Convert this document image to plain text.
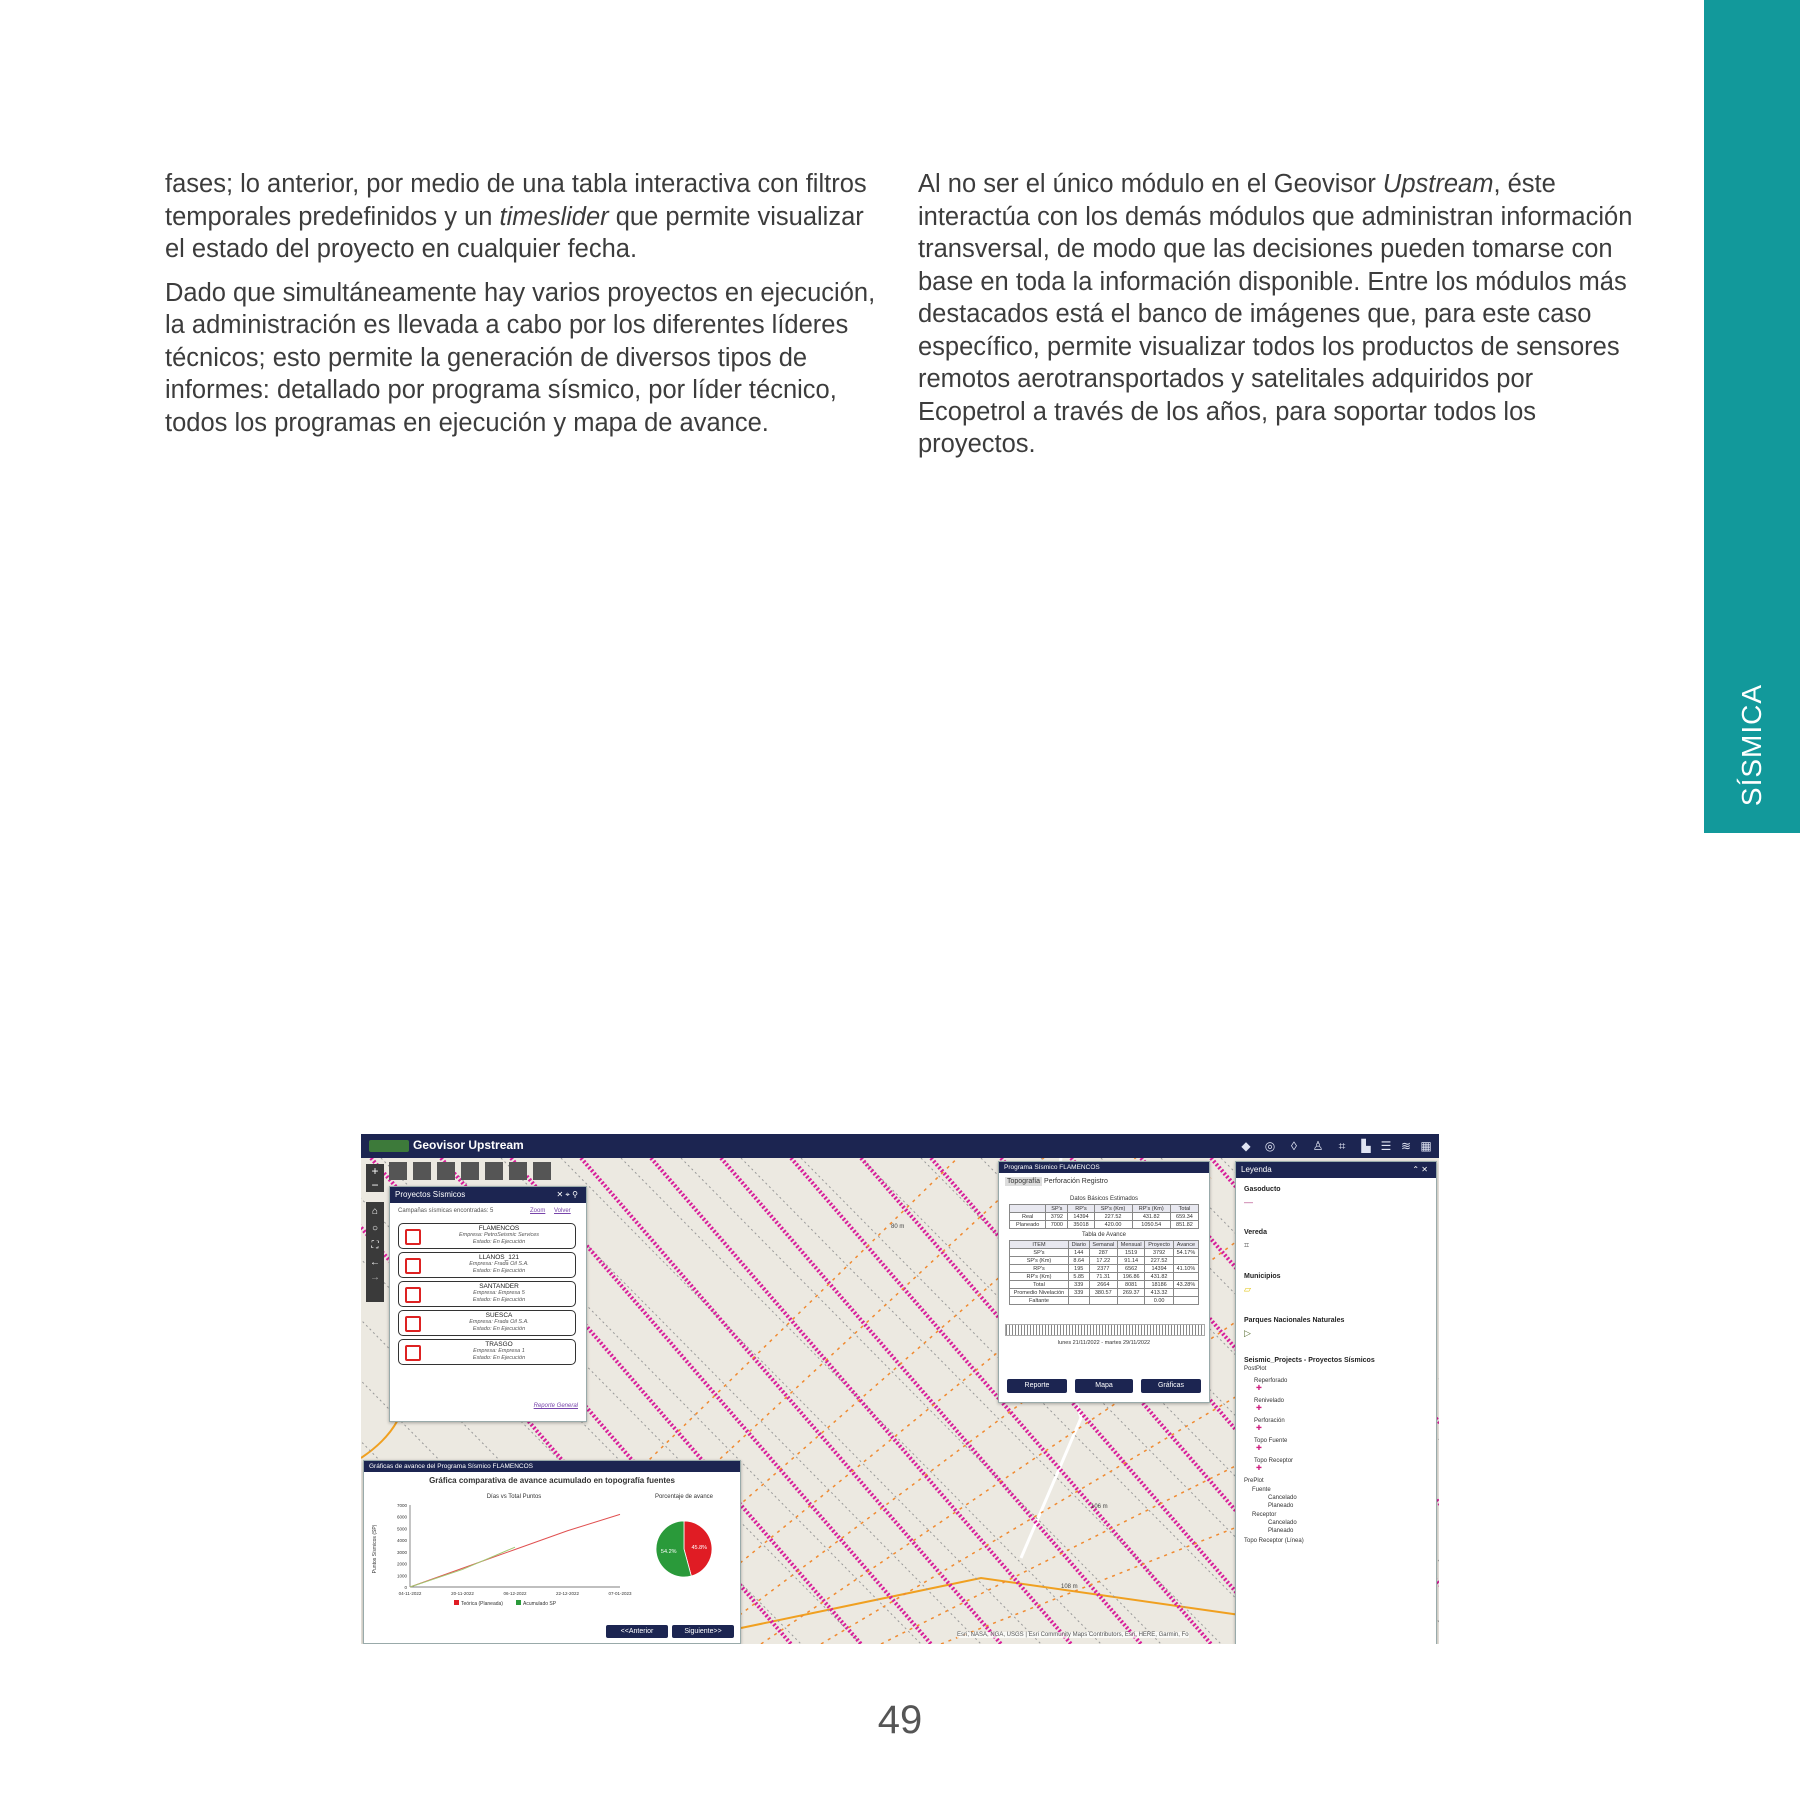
fases; lo anterior, por medio de una tabla interactiva con filtros temporales predefinidos y un timeslider que permite visualizar el estado del proyecto en cualquier fecha.

Dado que simultáneamente hay varios proyectos en ejecución, la administración es llevada a cabo por los diferentes líderes técnicos; esto permite la generación de diversos tipos de informes: detallado por programa sísmico, por líder técnico, todos los programas en ejecución y mapa de avance.

Al no ser el único módulo en el Geovisor Upstream, éste interactúa con los demás módulos que administran información transversal, de modo que las decisiones pueden tomarse con base en toda la información disponible. Entre los módulos más destacados está el banco de imágenes que, para este caso específico, permite visualizar todos los productos de sensores remotos aerotransportados y satelitales adquiridos por Ecopetrol a través de los años, para soportar todos los proyectos.

SÍSMICA
80 m
106 m
108 m
Geovisor Upstream	◆ ◎	◊	♙	⌗	▙ ☰ ≋ ▦
+
−
⌂
○
⛶
←
→
Proyectos Sísmicos	✕ ⌖ ⚲
Campañas sísmicas encontradas: 5	Zoom Volver
FLAMENCOS
Empresa: PetroSeismic Services
Estado: En Ejecución
LLANOS_121
Empresa: Frada Oil S.A.
Estado: En Ejecución
SANTANDER
Empresa: Empresa 5
Estado: En Ejecución
SUESCA
Empresa: Frada Oil S.A.
Estado: En Ejecución
TRASGO
Empresa: Empresa 1
Estado: En Ejecución
Reporte General
Programa Sísmico FLAMENCOS
Topografía Perforación Registro
Datos Básicos Estimados
	SP's	RP's	SP's (Km)	RP's (Km)	Total
Real	3792	14394	227.52	431.82	659.34
Planeado	7000	35018	420.00	1050.54	851.82
Tabla de Avance
ITEM	Diario	Semanal	Mensual	Proyecto	Avance
SP's	144	287	1519	3792	54.17%
SP's (Km)	8.64	17.22	91.14	227.52	
RP's	195	2377	6562	14394	41.10%
RP's (Km)	5.85	71.31	196.86	431.82	
Total	339	2664	8081	18186	43.28%
Promedio Nivelación	339	380.57	269.37	413.32	
Faltante				0.00	
lunes 21/11/2022 - martes 29/11/2022
Reporte	Mapa	Gráficas
Gráficas de avance del Programa Sísmico FLAMENCOS
Gráfica comparativa de avance acumulado en topografía fuentes
Días vs Total Puntos	Porcentaje de avance
Puntos Sísmicos (SP)
7000
6000
5000
4000
3000
2000
1000
0
04-11-2022	20-11-2022	06-12-2022	22-12-2022	07-01-2023
Teórica (Planeada)	Acumulado SP
45.8%
54.2%
<<Anterior	Siguiente>>
Leyenda	⌃ ✕
Gasoducto
—
Vereda
⌗
Municipios
▱
Parques Nacionales Naturales
▷
Seismic_Projects - Proyectos Sísmicos
PostPlot
Reperforado
✚
Renivelado
✚
Perforación
✚
Topo Fuente
✚
Topo Receptor
✚
PrePlot
Fuente
Cancelado
Planeado
Receptor
Cancelado
Planeado
Topo Receptor (Línea)
Esri, NASA, NGA, USGS | Esri Community Maps Contributors, Esri, HERE, Garmin, Fo
49
